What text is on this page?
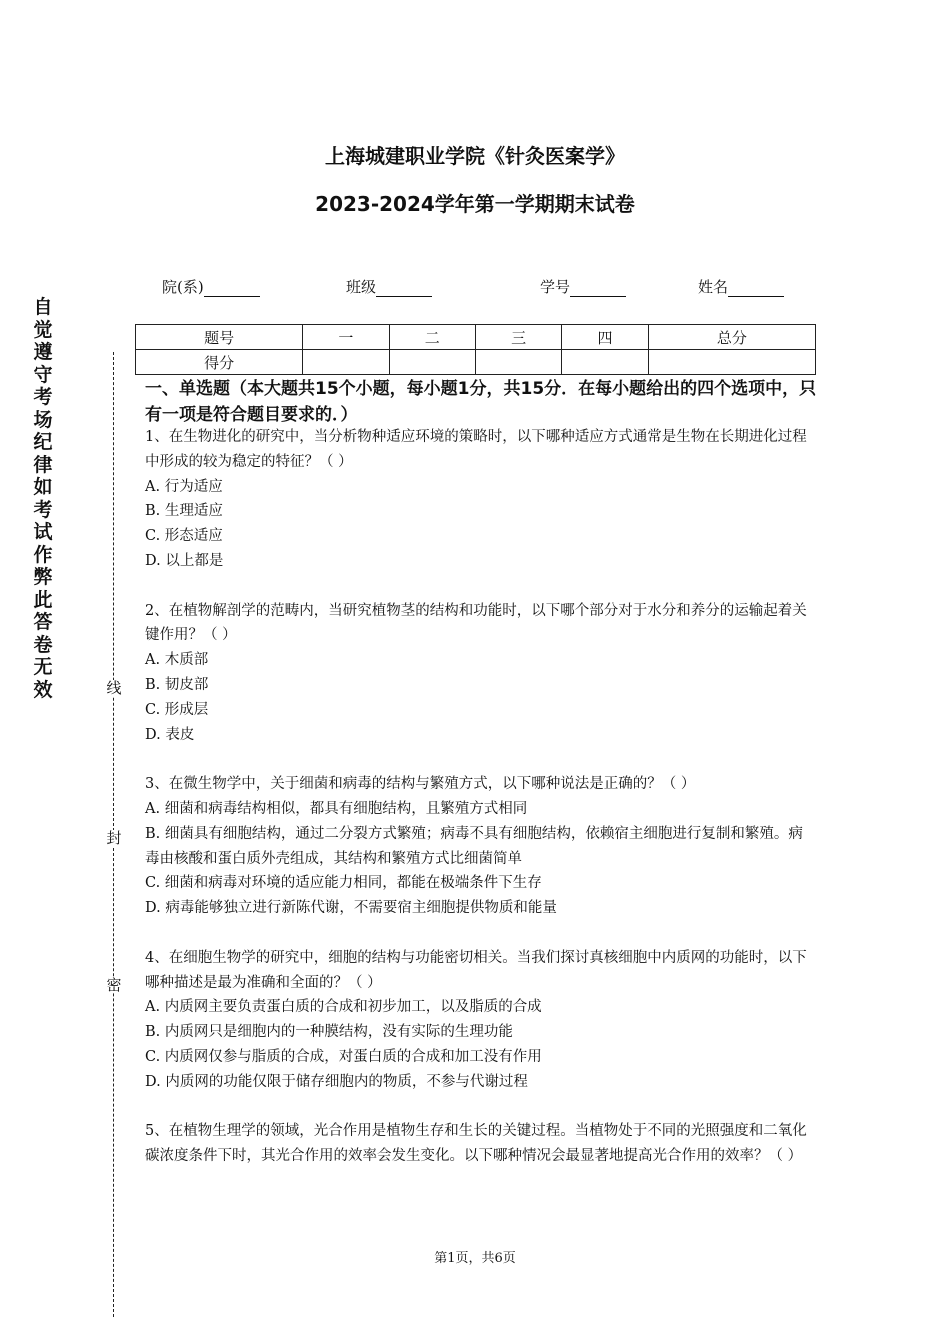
自觉遵守考场纪律如考试作弊此答卷无效	线
封
密
上海城建职业学院《针灸医案学》
2023-2024学年第一学期期末试卷
院(系)	班级	学号	姓名
题号	一	二	三	四	总分
得分					
一、单选题（本大题共15个小题，每小题1分，共15分．在每小题给出的四个选项中，只有一项是符合题目要求的．）

1、在生物进化的研究中，当分析物种适应环境的策略时，以下哪种适应方式通常是生物在长期进化过程中形成的较为稳定的特征？（ ）

A. 行为适应

B. 生理适应

C. 形态适应

D. 以上都是

2、在植物解剖学的范畴内，当研究植物茎的结构和功能时，以下哪个部分对于水分和养分的运输起着关键作用？（ ）

A. 木质部

B. 韧皮部

C. 形成层

D. 表皮

3、在微生物学中，关于细菌和病毒的结构与繁殖方式，以下哪种说法是正确的？（ ）

A. 细菌和病毒结构相似，都具有细胞结构，且繁殖方式相同

B. 细菌具有细胞结构，通过二分裂方式繁殖；病毒不具有细胞结构，依赖宿主细胞进行复制和繁殖。病毒由核酸和蛋白质外壳组成，其结构和繁殖方式比细菌简单

C. 细菌和病毒对环境的适应能力相同，都能在极端条件下生存

D. 病毒能够独立进行新陈代谢，不需要宿主细胞提供物质和能量

4、在细胞生物学的研究中，细胞的结构与功能密切相关。当我们探讨真核细胞中内质网的功能时，以下哪种描述是最为准确和全面的？（ ）

A. 内质网主要负责蛋白质的合成和初步加工，以及脂质的合成

B. 内质网只是细胞内的一种膜结构，没有实际的生理功能

C. 内质网仅参与脂质的合成，对蛋白质的合成和加工没有作用

D. 内质网的功能仅限于储存细胞内的物质，不参与代谢过程

5、在植物生理学的领域，光合作用是植物生存和生长的关键过程。当植物处于不同的光照强度和二氧化碳浓度条件下时，其光合作用的效率会发生变化。以下哪种情况会最显著地提高光合作用的效率？（ ）

第1页，共6页
